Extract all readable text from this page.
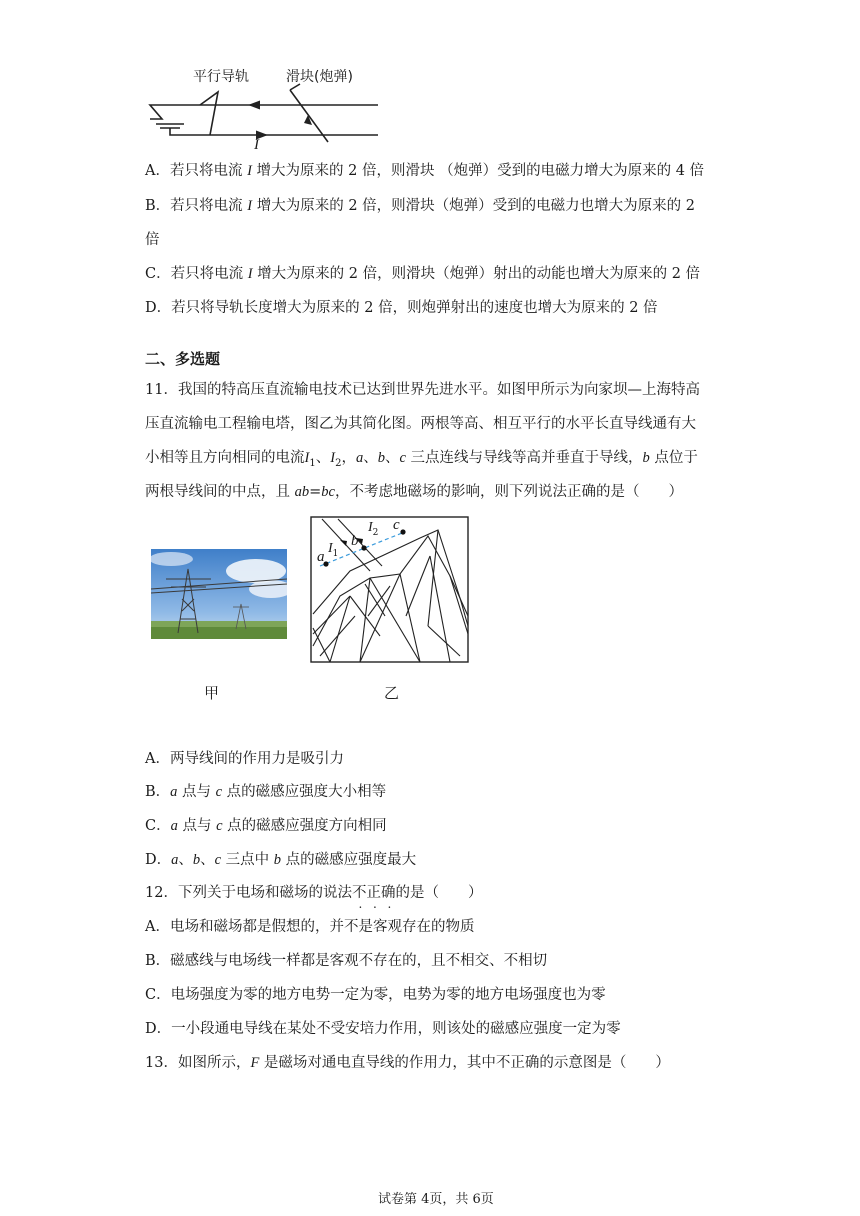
平行导轨	滑块(炮弹)
I
A．若只将电流 I 增大为原来的 2 倍，则滑块 （炮弹）受到的电磁力增大为原来的 4 倍
B．若只将电流 I 增大为原来的 2 倍，则滑块（炮弹）受到的电磁力也增大为原来的 2
倍
C．若只将电流 I 增大为原来的 2 倍，则滑块（炮弹）射出的动能也增大为原来的 2 倍
D．若只将导轨长度增大为原来的 2 倍，则炮弹射出的速度也增大为原来的 2 倍
二、多选题
11．我国的特高压直流输电技术已达到世界先进水平。如图甲所示为向家坝—上海特高
压直流输电工程输电塔，图乙为其简化图。两根等高、相互平行的水平长直导线通有大
小相等且方向相同的电流$I_1$、$I_2$，a、b、c 三点连线与导线等高并垂直于导线，b 点位于
两根导线间的中点，且 ab=bc，不考虑地磁场的影响，则下列说法正确的是（　　）
a
b
c
$I_1$
$I_2$
甲	乙
A．两导线间的作用力是吸引力
B．a 点与 c 点的磁感应强度大小相等
C．a 点与 c 点的磁感应强度方向相同
D．a、b、c 三点中 b 点的磁感应强度最大
12．下列关于电场和磁场的说法不正确的是（　　）
A．电场和磁场都是假想的，并不是客观存在的物质
B．磁感线与电场线一样都是客观不存在的，且不相交、不相切
C．电场强度为零的地方电势一定为零，电势为零的地方电场强度也为零
D．一小段通电导线在某处不受安培力作用，则该处的磁感应强度一定为零
13．如图所示，F 是磁场对通电直导线的作用力，其中不正确的示意图是（　　）
试卷第 4页，共 6页
